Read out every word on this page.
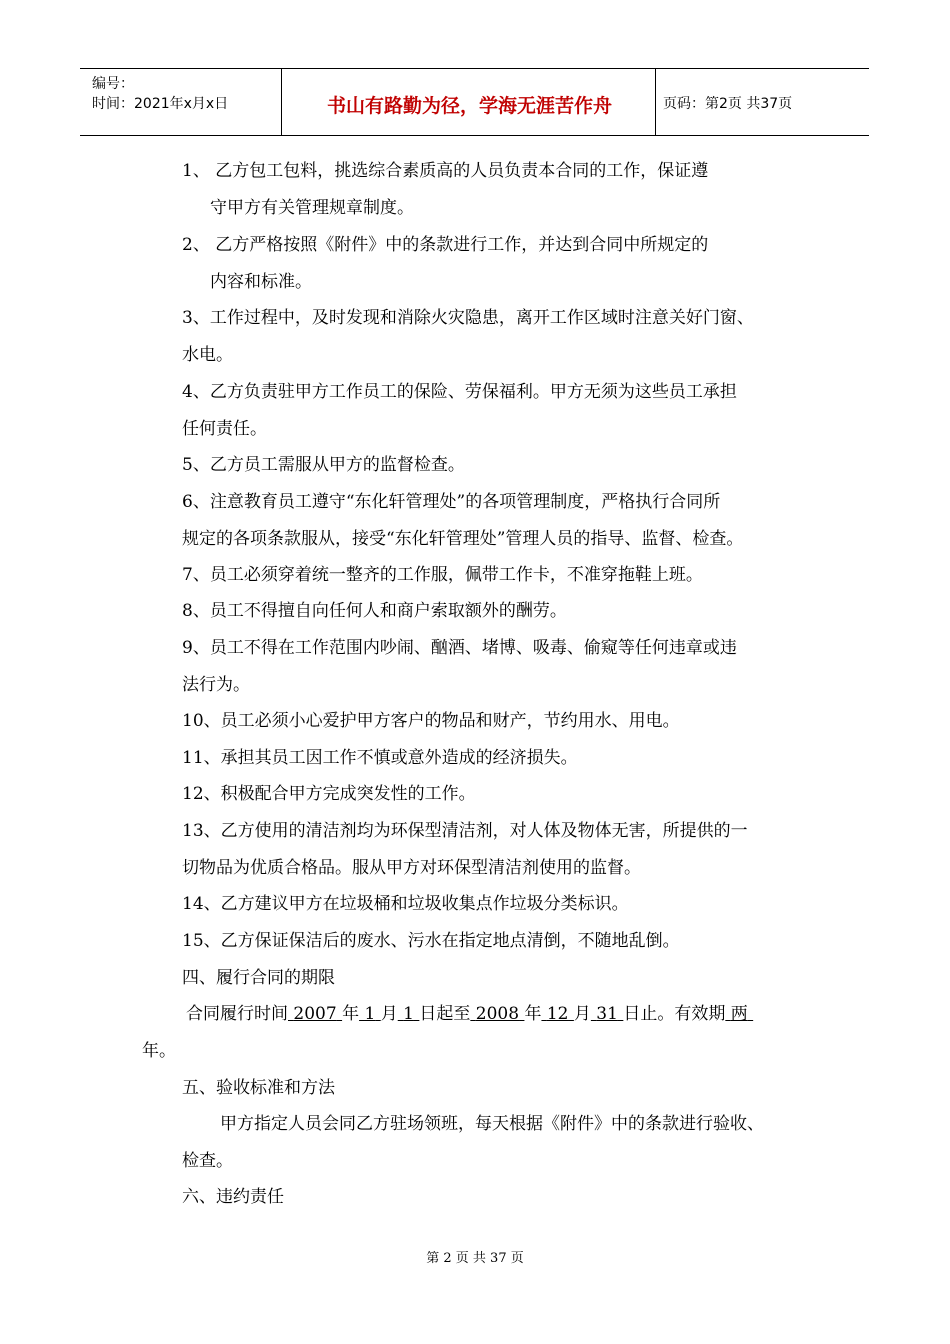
编号：
时间：2021年x月x日	书山有路勤为径，学海无涯苦作舟	页码：第2页 共37页
1、 乙方包工包料，挑选综合素质高的人员负责本合同的工作，保证遵
守甲方有关管理规章制度。
2、 乙方严格按照《附件》中的条款进行工作，并达到合同中所规定的
内容和标准。
3、工作过程中，及时发现和消除火灾隐患，离开工作区域时注意关好门窗、
水电。
4、乙方负责驻甲方工作员工的保险、劳保福利。甲方无须为这些员工承担
任何责任。
5、乙方员工需服从甲方的监督检查。
6、注意教育员工遵守“东化轩管理处”的各项管理制度，严格执行合同所
规定的各项条款服从，接受“东化轩管理处”管理人员的指导、监督、检查。
7、员工必须穿着统一整齐的工作服，佩带工作卡，不准穿拖鞋上班。
8、员工不得擅自向任何人和商户索取额外的酬劳。
9、员工不得在工作范围内吵闹、酗酒、堵博、吸毒、偷窥等任何违章或违
法行为。
10、员工必须小心爱护甲方客户的物品和财产，节约用水、用电。
11、承担其员工因工作不慎或意外造成的经济损失。
12、积极配合甲方完成突发性的工作。
13、乙方使用的清洁剂均为环保型清洁剂，对人体及物体无害，所提供的一
切物品为优质合格品。服从甲方对环保型清洁剂使用的监督。
14、乙方建议甲方在垃圾桶和垃圾收集点作垃圾分类标识。
15、乙方保证保洁后的废水、污水在指定地点清倒，不随地乱倒。
四、履行合同的期限
合同履行时间 2007 年 1 月 1 日起至 2008 年 12 月 31 日止。有效期 两
年。
五、验收标准和方法
甲方指定人员会同乙方驻场领班，每天根据《附件》中的条款进行验收、
检查。
六、违约责任
第 2 页 共 37 页
